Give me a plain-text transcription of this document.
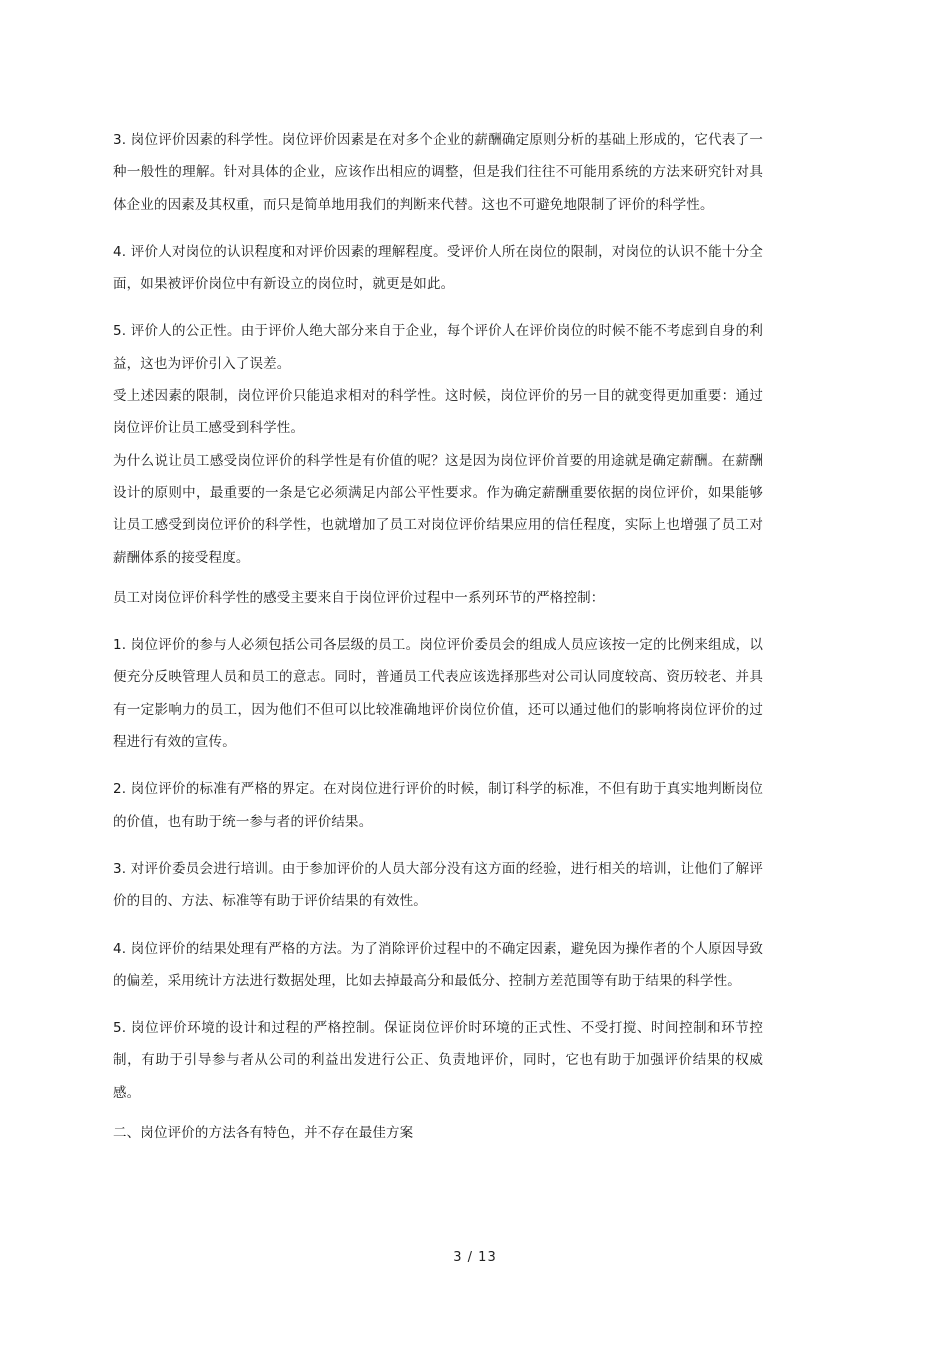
3. 岗位评价因素的科学性。岗位评价因素是在对多个企业的薪酬确定原则分析的基础上形成的，它代表了一种一般性的理解。针对具体的企业，应该作出相应的调整，但是我们往往不可能用系统的方法来研究针对具体企业的因素及其权重，而只是简单地用我们的判断来代替。这也不可避免地限制了评价的科学性。

4. 评价人对岗位的认识程度和对评价因素的理解程度。受评价人所在岗位的限制，对岗位的认识不能十分全面，如果被评价岗位中有新设立的岗位时，就更是如此。

5. 评价人的公正性。由于评价人绝大部分来自于企业，每个评价人在评价岗位的时候不能不考虑到自身的利益，这也为评价引入了误差。

受上述因素的限制，岗位评价只能追求相对的科学性。这时候，岗位评价的另一目的就变得更加重要：通过岗位评价让员工感受到科学性。

为什么说让员工感受岗位评价的科学性是有价值的呢？这是因为岗位评价首要的用途就是确定薪酬。在薪酬设计的原则中，最重要的一条是它必须满足内部公平性要求。作为确定薪酬重要依据的岗位评价，如果能够让员工感受到岗位评价的科学性，也就增加了员工对岗位评价结果应用的信任程度，实际上也增强了员工对薪酬体系的接受程度。

员工对岗位评价科学性的感受主要来自于岗位评价过程中一系列环节的严格控制：

1. 岗位评价的参与人必须包括公司各层级的员工。岗位评价委员会的组成人员应该按一定的比例来组成，以便充分反映管理人员和员工的意志。同时，普通员工代表应该选择那些对公司认同度较高、资历较老、并具有一定影响力的员工，因为他们不但可以比较准确地评价岗位价值，还可以通过他们的影响将岗位评价的过程进行有效的宣传。

2. 岗位评价的标准有严格的界定。在对岗位进行评价的时候，制订科学的标准，不但有助于真实地判断岗位的价值，也有助于统一参与者的评价结果。

3. 对评价委员会进行培训。由于参加评价的人员大部分没有这方面的经验，进行相关的培训，让他们了解评价的目的、方法、标准等有助于评价结果的有效性。

4. 岗位评价的结果处理有严格的方法。为了消除评价过程中的不确定因素，避免因为操作者的个人原因导致的偏差，采用统计方法进行数据处理，比如去掉最高分和最低分、控制方差范围等有助于结果的科学性。

5. 岗位评价环境的设计和过程的严格控制。保证岗位评价时环境的正式性、不受打搅、时间控制和环节控制，有助于引导参与者从公司的利益出发进行公正、负责地评价，同时，它也有助于加强评价结果的权威感。

二、岗位评价的方法各有特色，并不存在最佳方案

3 / 13
